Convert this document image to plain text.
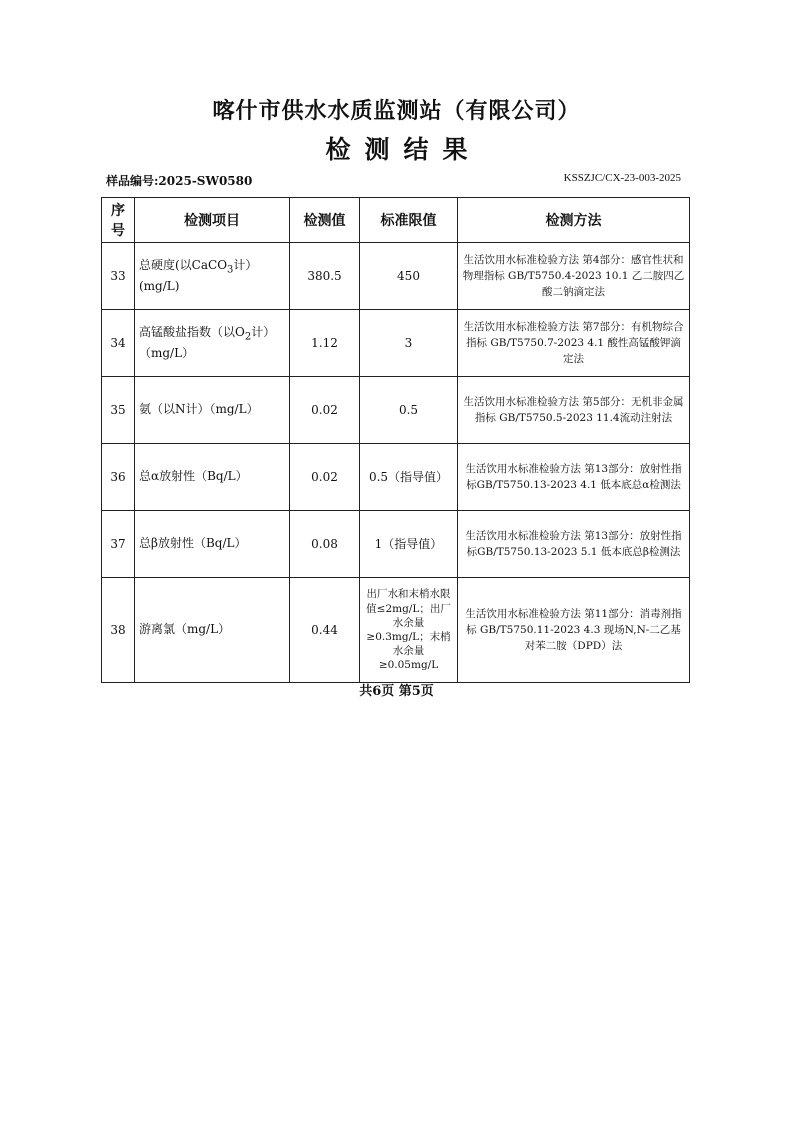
喀什市供水水质监测站（有限公司）
检测结果
样品编号:2025-SW0580	KSSZJC/CX-23-003-2025
序号	检测项目	检测值	标准限值	检测方法
33	总硬度(以CaCO$_3$计）(mg/L)	380.5	450	生活饮用水标准检验方法 第4部分：感官性状和物理指标 GB/T5750.4-2023 10.1 乙二胺四乙酸二钠滴定法
34	高锰酸盐指数（以$O_2$计）（mg/L）	1.12	3	生活饮用水标准检验方法 第7部分：有机物综合指标 GB/T5750.7-2023 4.1 酸性高锰酸钾滴定法
35	氨（以N计）（mg/L）	0.02	0.5	生活饮用水标准检验方法 第5部分：无机非金属指标 GB/T5750.5-2023 11.4流动注射法
36	总α放射性（Bq/L）	0.02	0.5（指导值）	生活饮用水标准检验方法 第13部分：放射性指标GB/T5750.13-2023 4.1 低本底总α检测法
37	总β放射性（Bq/L）	0.08	1（指导值）	生活饮用水标准检验方法 第13部分：放射性指标GB/T5750.13-2023 5.1 低本底总β检测法
38	游离氯（mg/L）	0.44	出厂水和末梢水限值≤2mg/L；出厂水余量≥0.3mg/L；末梢水余量≥0.05mg/L	生活饮用水标准检验方法 第11部分：消毒剂指标 GB/T5750.11-2023 4.3 现场N,N-二乙基对苯二胺（DPD）法
共6页 第5页
